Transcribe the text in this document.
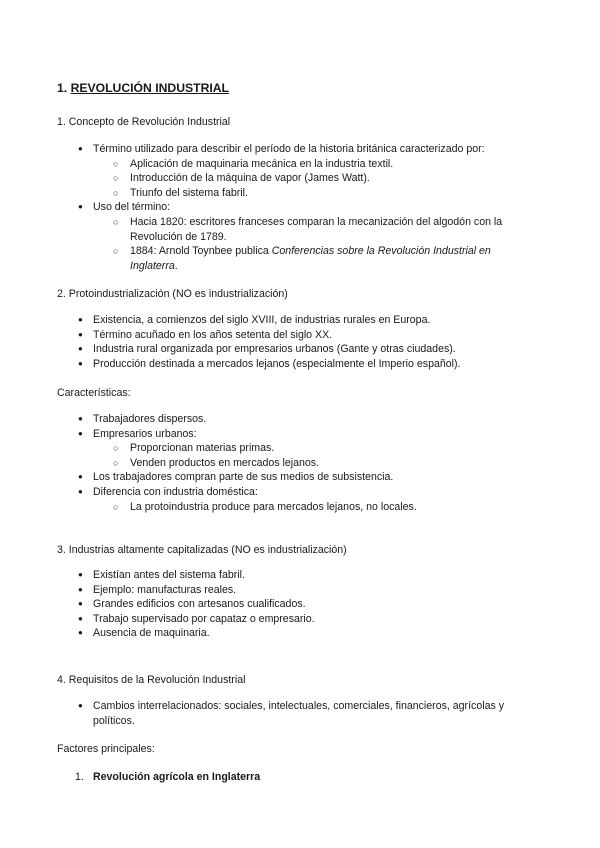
1. REVOLUCIÓN INDUSTRIAL
1. Concepto de Revolución Industrial
● Término utilizado para describir el período de la historia británica caracterizado por:
○ Aplicación de maquinaria mecánica en la industria textil.
○ Introducción de la máquina de vapor (James Watt).
○ Triunfo del sistema fabril.
● Uso del término:
○ Hacia 1820: escritores franceses comparan la mecanización del algodón con la Revolución de 1789.
○ 1884: Arnold Toynbee publica Conferencias sobre la Revolución Industrial en Inglaterra.
2. Protoindustrialización (NO es industrialización)
● Existencia, a comienzos del siglo XVIII, de industrias rurales en Europa.
● Término acuñado en los años setenta del siglo XX.
● Industria rural organizada por empresarios urbanos (Gante y otras ciudades).
● Producción destinada a mercados lejanos (especialmente el Imperio español).
Características:
● Trabajadores dispersos.
● Empresarios urbanos:
○ Proporcionan materias primas.
○ Venden productos en mercados lejanos.
● Los trabajadores compran parte de sus medios de subsistencia.
● Diferencia con industria doméstica:
○ La protoindustria produce para mercados lejanos, no locales.
3. Industrias altamente capitalizadas (NO es industrialización)
● Existían antes del sistema fabril.
● Ejemplo: manufacturas reales.
● Grandes edificios con artesanos cualificados.
● Trabajo supervisado por capataz o empresario.
● Ausencia de maquinaria.
4. Requisitos de la Revolución Industrial
● Cambios interrelacionados: sociales, intelectuales, comerciales, financieros, agrícolas y políticos.
Factores principales:
1. Revolución agrícola en Inglaterra
